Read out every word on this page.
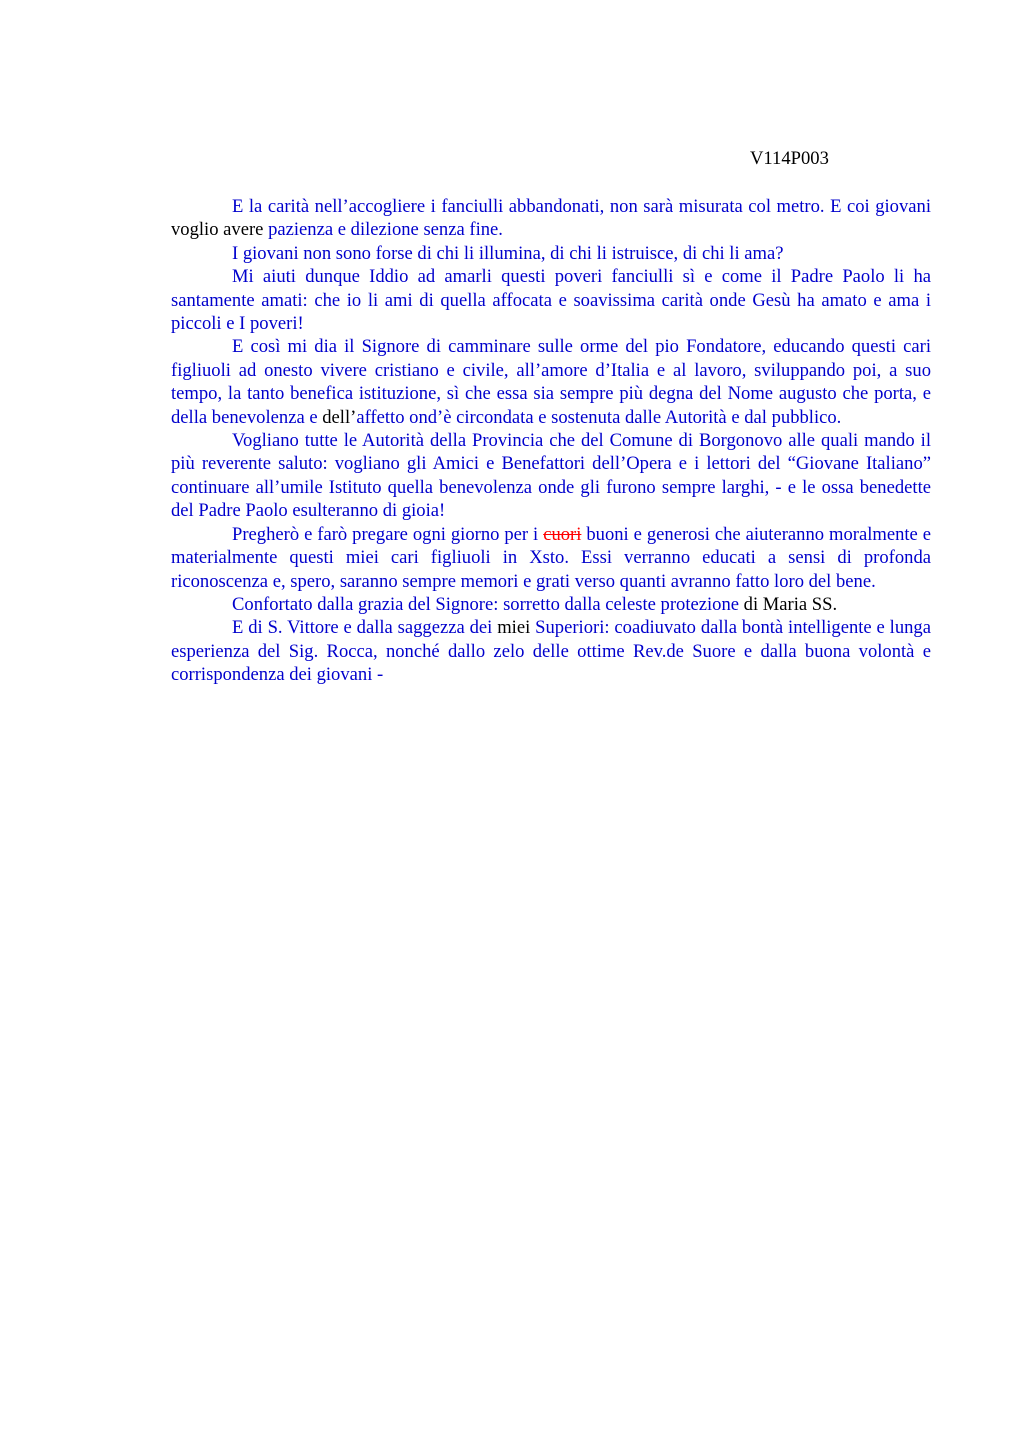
V114P003

E la carità nell’accogliere i fanciulli abbandonati, non sarà misurata col metro. E coi giovani voglio avere pazienza e dilezione senza fine.

I giovani non sono forse di chi li illumina, di chi li istruisce, di chi li ama?

Mi aiuti dunque Iddio ad amarli questi poveri fanciulli sì e come il Padre Paolo li ha santamente amati: che io li ami di quella affocata e soavissima carità onde Gesù ha amato e ama i piccoli e I poveri!

E così mi dia il Signore di camminare sulle orme del pio Fondatore, educando questi cari figliuoli ad onesto vivere cristiano e civile, all’amore d’Italia e al lavoro, sviluppando poi, a suo tempo, la tanto benefica istituzione, sì che essa sia sempre più degna del Nome augusto che porta, e della benevolenza e dell’affetto ond’è circondata e sostenuta dalle Autorità e dal pubblico.

Vogliano tutte le Autorità della Provincia che del Comune di Borgonovo alle quali mando il più reverente saluto: vogliano gli Amici e Benefattori dell’Opera e i lettori del “Giovane Italiano” continuare all’umile Istituto quella benevolenza onde gli furono sempre larghi, - e le ossa benedette del Padre Paolo esulteranno di gioia!

Pregherò e farò pregare ogni giorno per i cuori buoni e generosi che aiuteranno moralmente e materialmente questi miei cari figliuoli in Xsto. Essi verranno educati a sensi di profonda riconoscenza e, spero, saranno sempre memori e grati verso quanti avranno fatto loro del bene.

Confortato dalla grazia del Signore: sorretto dalla celeste protezione di Maria SS.

E di S. Vittore e dalla saggezza dei miei Superiori: coadiuvato dalla bontà intelligente e lunga esperienza del Sig. Rocca, nonché dallo zelo delle ottime Rev.de Suore e dalla buona volontà e corrispondenza dei giovani -
